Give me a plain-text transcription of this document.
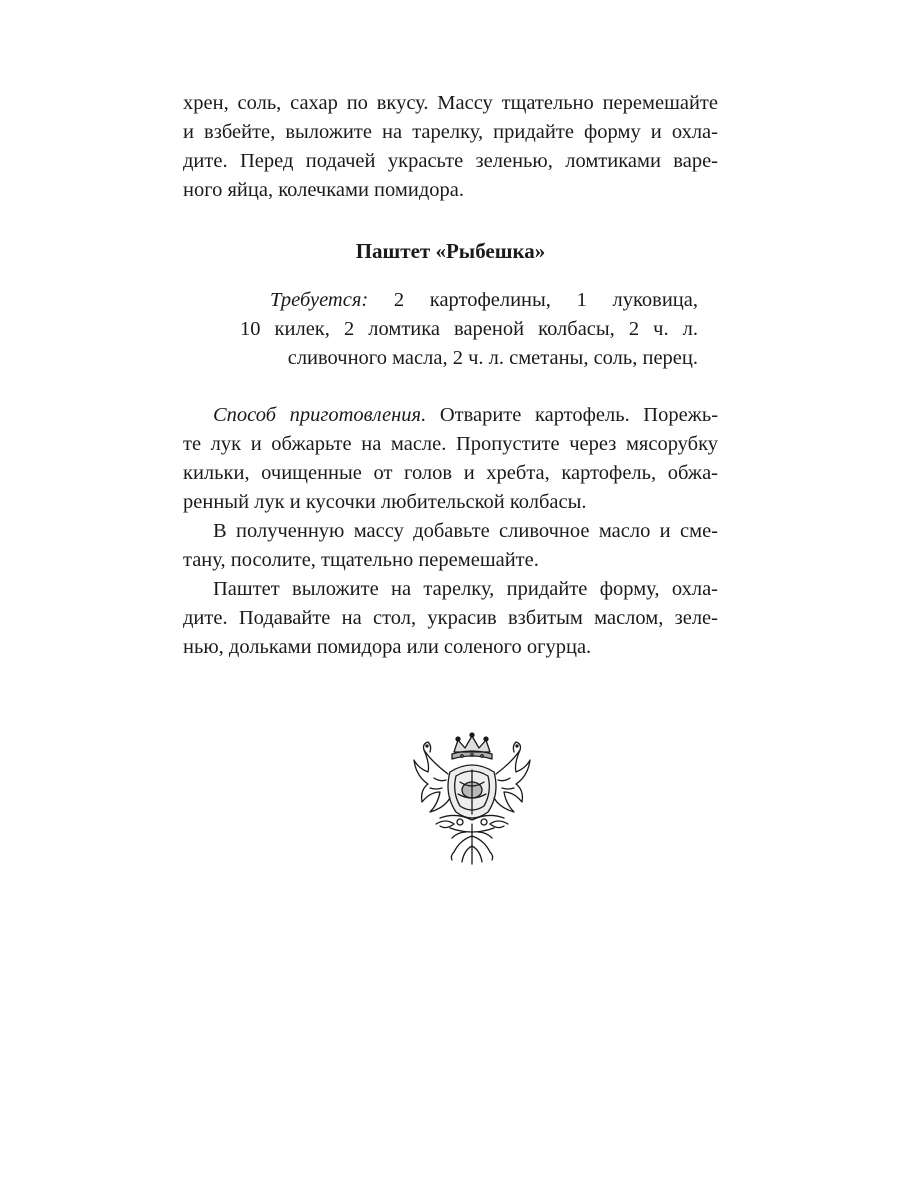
хрен, соль, сахар по вкусу. Массу тщательно перемешайте
и взбейте, выложите на тарелку, придайте форму и охла-
дите. Перед подачей украсьте зеленью, ломтиками варе-
ного яйца, колечками помидора.
Паштет «Рыбешка»
Требуется: 2 картофелины, 1 луковица,
10 килек, 2 ломтика вареной колбасы, 2 ч. л.
сливочного масла, 2 ч. л. сметаны, соль, перец.
Способ приготовления. Отварите картофель. Порежь-
те лук и обжарьте на масле. Пропустите через мясорубку
кильки, очищенные от голов и хребта, картофель, обжа-
ренный лук и кусочки любительской колбасы.
В полученную массу добавьте сливочное масло и сме-
тану, посолите, тщательно перемешайте.
Паштет выложите на тарелку, придайте форму, охла-
дите. Подавайте на стол, украсив взбитым маслом, зеле-
нью, дольками помидора или соленого огурца.
